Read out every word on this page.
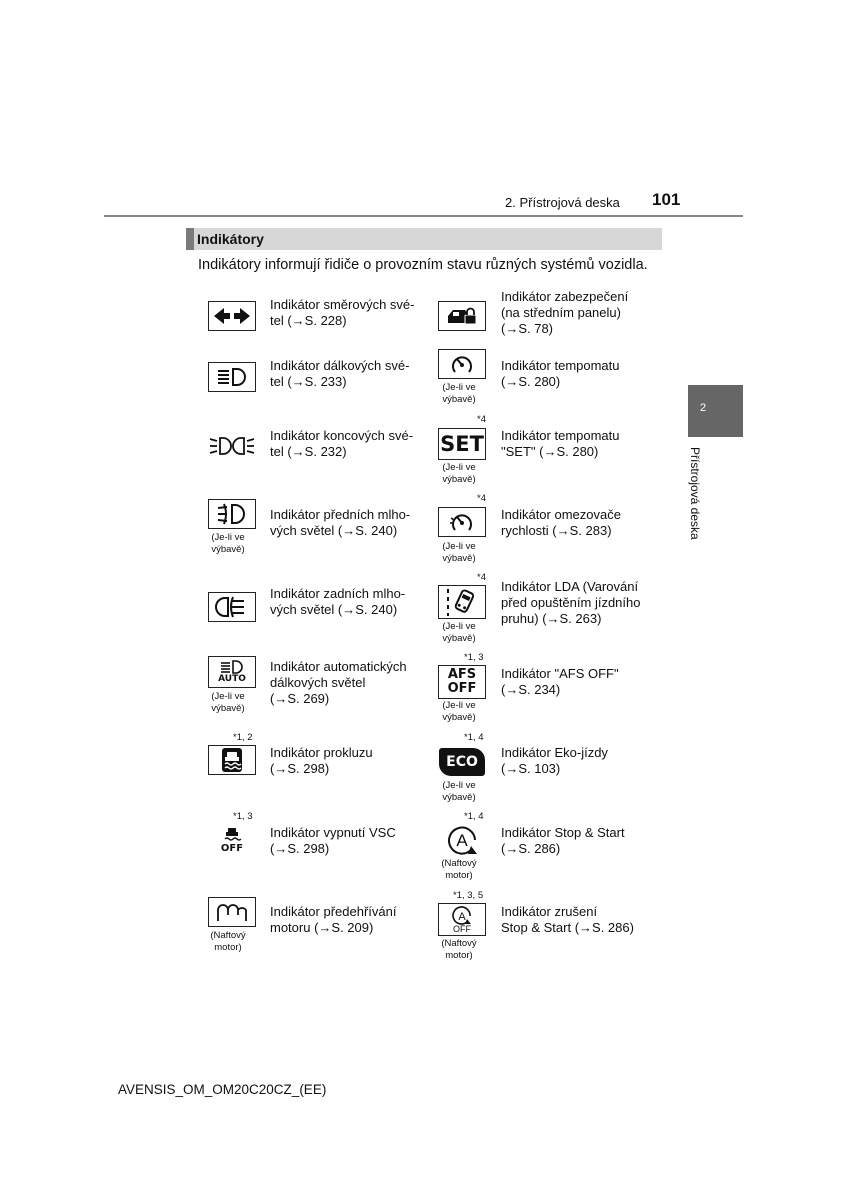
2. Přístrojová deska 101
Indikátory
Indikátory informují řidiče o provozním stavu různých systémů vozidla.
2
Přístrojová deska
Indikátor směrových své-
tel (→S. 228)
Indikátor dálkových své-
tel (→S. 233)
Indikátor koncových své-
tel (→S. 232)
(Je-li ve
výbavě)
Indikátor předních mlho-
vých světel (→S. 240)
Indikátor zadních mlho-
vých světel (→S. 240)
AUTO
(Je-li ve
výbavě)
Indikátor automatických
dálkových světel
(→S. 269)
*1, 2
Indikátor prokluzu
(→S. 298)
*1, 3
OFF
Indikátor vypnutí VSC
(→S. 298)
(Naftový
motor)
Indikátor předehřívání
motoru (→S. 209)
Indikátor zabezpečení
(na středním panelu)
(→S. 78)
(Je-li ve
výbavě)
Indikátor tempomatu
(→S. 280)
*4
SET
(Je-li ve
výbavě)
Indikátor tempomatu
"SET" (→S. 280)
*4
(Je-li ve
výbavě)
Indikátor omezovače
rychlosti (→S. 283)
*4
(Je-li ve
výbavě)
Indikátor LDA (Varování
před opuštěním jízdního
pruhu) (→S. 263)
*1, 3
AFS
OFF
(Je-li ve
výbavě)
Indikátor "AFS OFF"
(→S. 234)
*1, 4
ECO
(Je-li ve
výbavě)
Indikátor Eko-jízdy
(→S. 103)
*1, 4
A
(Naftový
motor)
Indikátor Stop & Start
(→S. 286)
*1, 3, 5
A
OFF
(Naftový
motor)
Indikátor zrušení
Stop & Start (→S. 286)
AVENSIS_OM_OM20C20CZ_(EE)
